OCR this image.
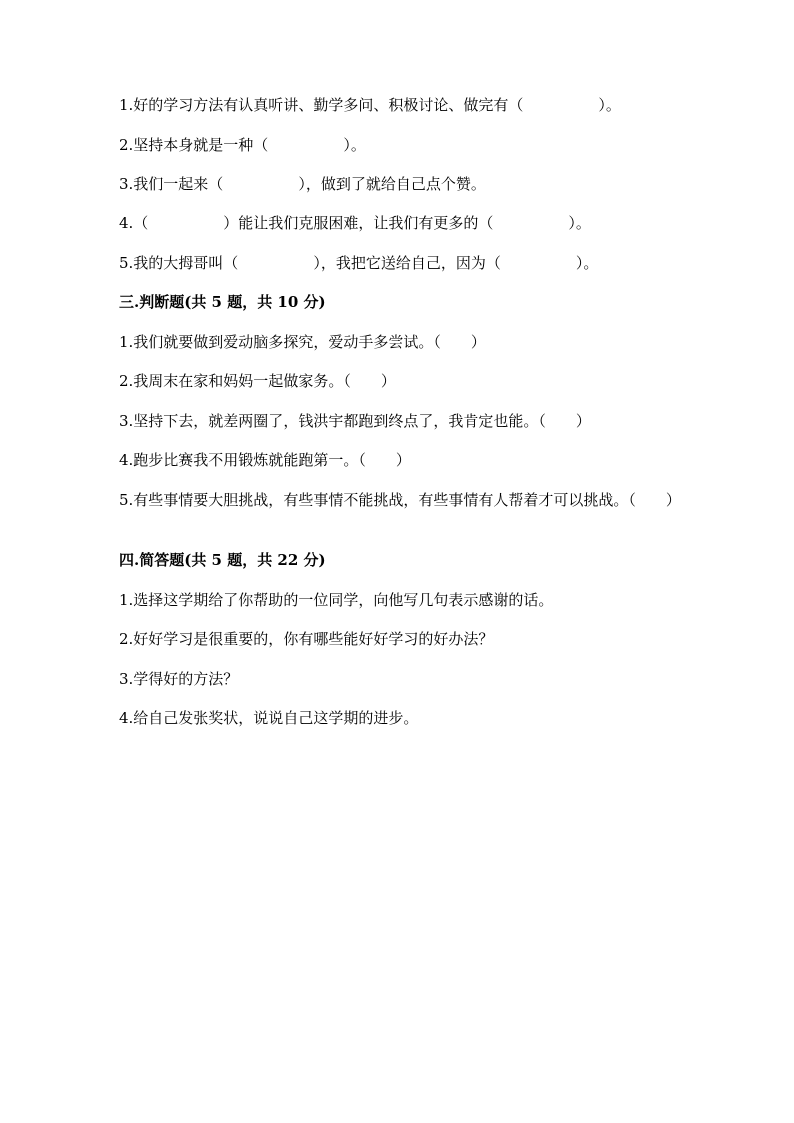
1.好的学习方法有认真听讲、勤学多问、积极讨论、做完有（　　　　　）。
2.坚持本身就是一种（　　　　　）。
3.我们一起来（　　　　　），做到了就给自己点个赞。
4.（　　　　　）能让我们克服困难，让我们有更多的（　　　　　）。
5.我的大拇哥叫（　　　　　），我把它送给自己，因为（　　　　　）。
三.判断题(共 5 题，共 10 分)
1.我们就要做到爱动脑多探究，爱动手多尝试。（　　）
2.我周末在家和妈妈一起做家务。（　　）
3.坚持下去，就差两圈了，钱洪宇都跑到终点了，我肯定也能。（　　）
4.跑步比赛我不用锻炼就能跑第一。（　　）
5.有些事情要大胆挑战，有些事情不能挑战，有些事情有人帮着才可以挑战。（　　）
四.简答题(共 5 题，共 22 分)
1.选择这学期给了你帮助的一位同学，向他写几句表示感谢的话。
2.好好学习是很重要的，你有哪些能好好学习的好办法？
3.学得好的方法？
4.给自己发张奖状，说说自己这学期的进步。
